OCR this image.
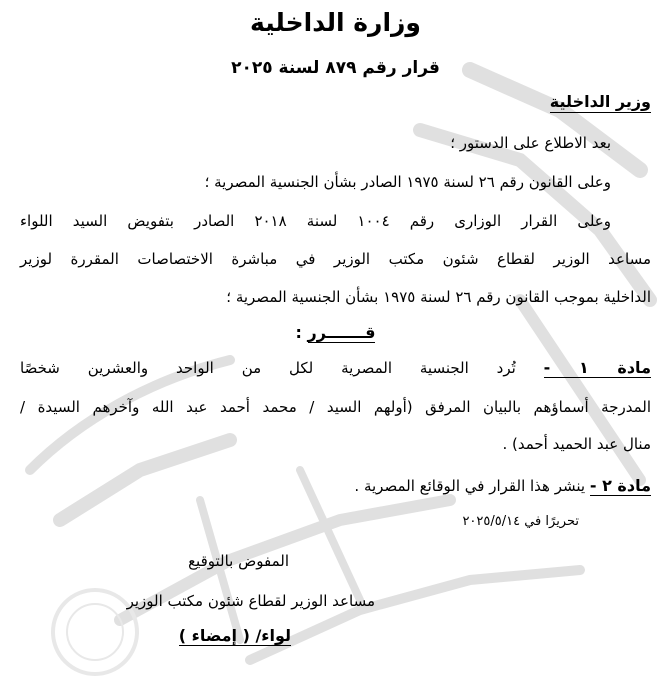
وزارة الداخلية
قرار رقم ٨٧٩ لسنة ٢٠٢٥
وزير الداخلية
بعد الاطلاع على الدستور ؛
وعلى القانون رقم ٢٦ لسنة ١٩٧٥ الصادر بشأن الجنسية المصرية ؛
وعلى القرار الوزارى رقم ١٠٠٤ لسنة ٢٠١٨ الصادر بتفويض السيد اللواء
مساعد الوزير لقطاع شئون مكتب الوزير في مباشرة الاختصاصات المقررة لوزير
الداخلية بموجب القانون رقم ٢٦ لسنة ١٩٧٥ بشأن الجنسية المصرية ؛
قـــــــرر :
مادة ١ - تُرد الجنسية المصرية لكل من الواحد والعشرين شخصًا
المدرجة أسماؤهم بالبيان المرفق (أولهم السيد / محمد أحمد عبد الله وآخرهم السيدة /
منال عبد الحميد أحمد) .
مادة ٢ - ينشر هذا القرار في الوقائع المصرية .
تحريرًا في ٢٠٢٥/٥/١٤
المفوض بالتوقيع
مساعد الوزير لقطاع شئون مكتب الوزير
لواء/ ( إمضاء )
